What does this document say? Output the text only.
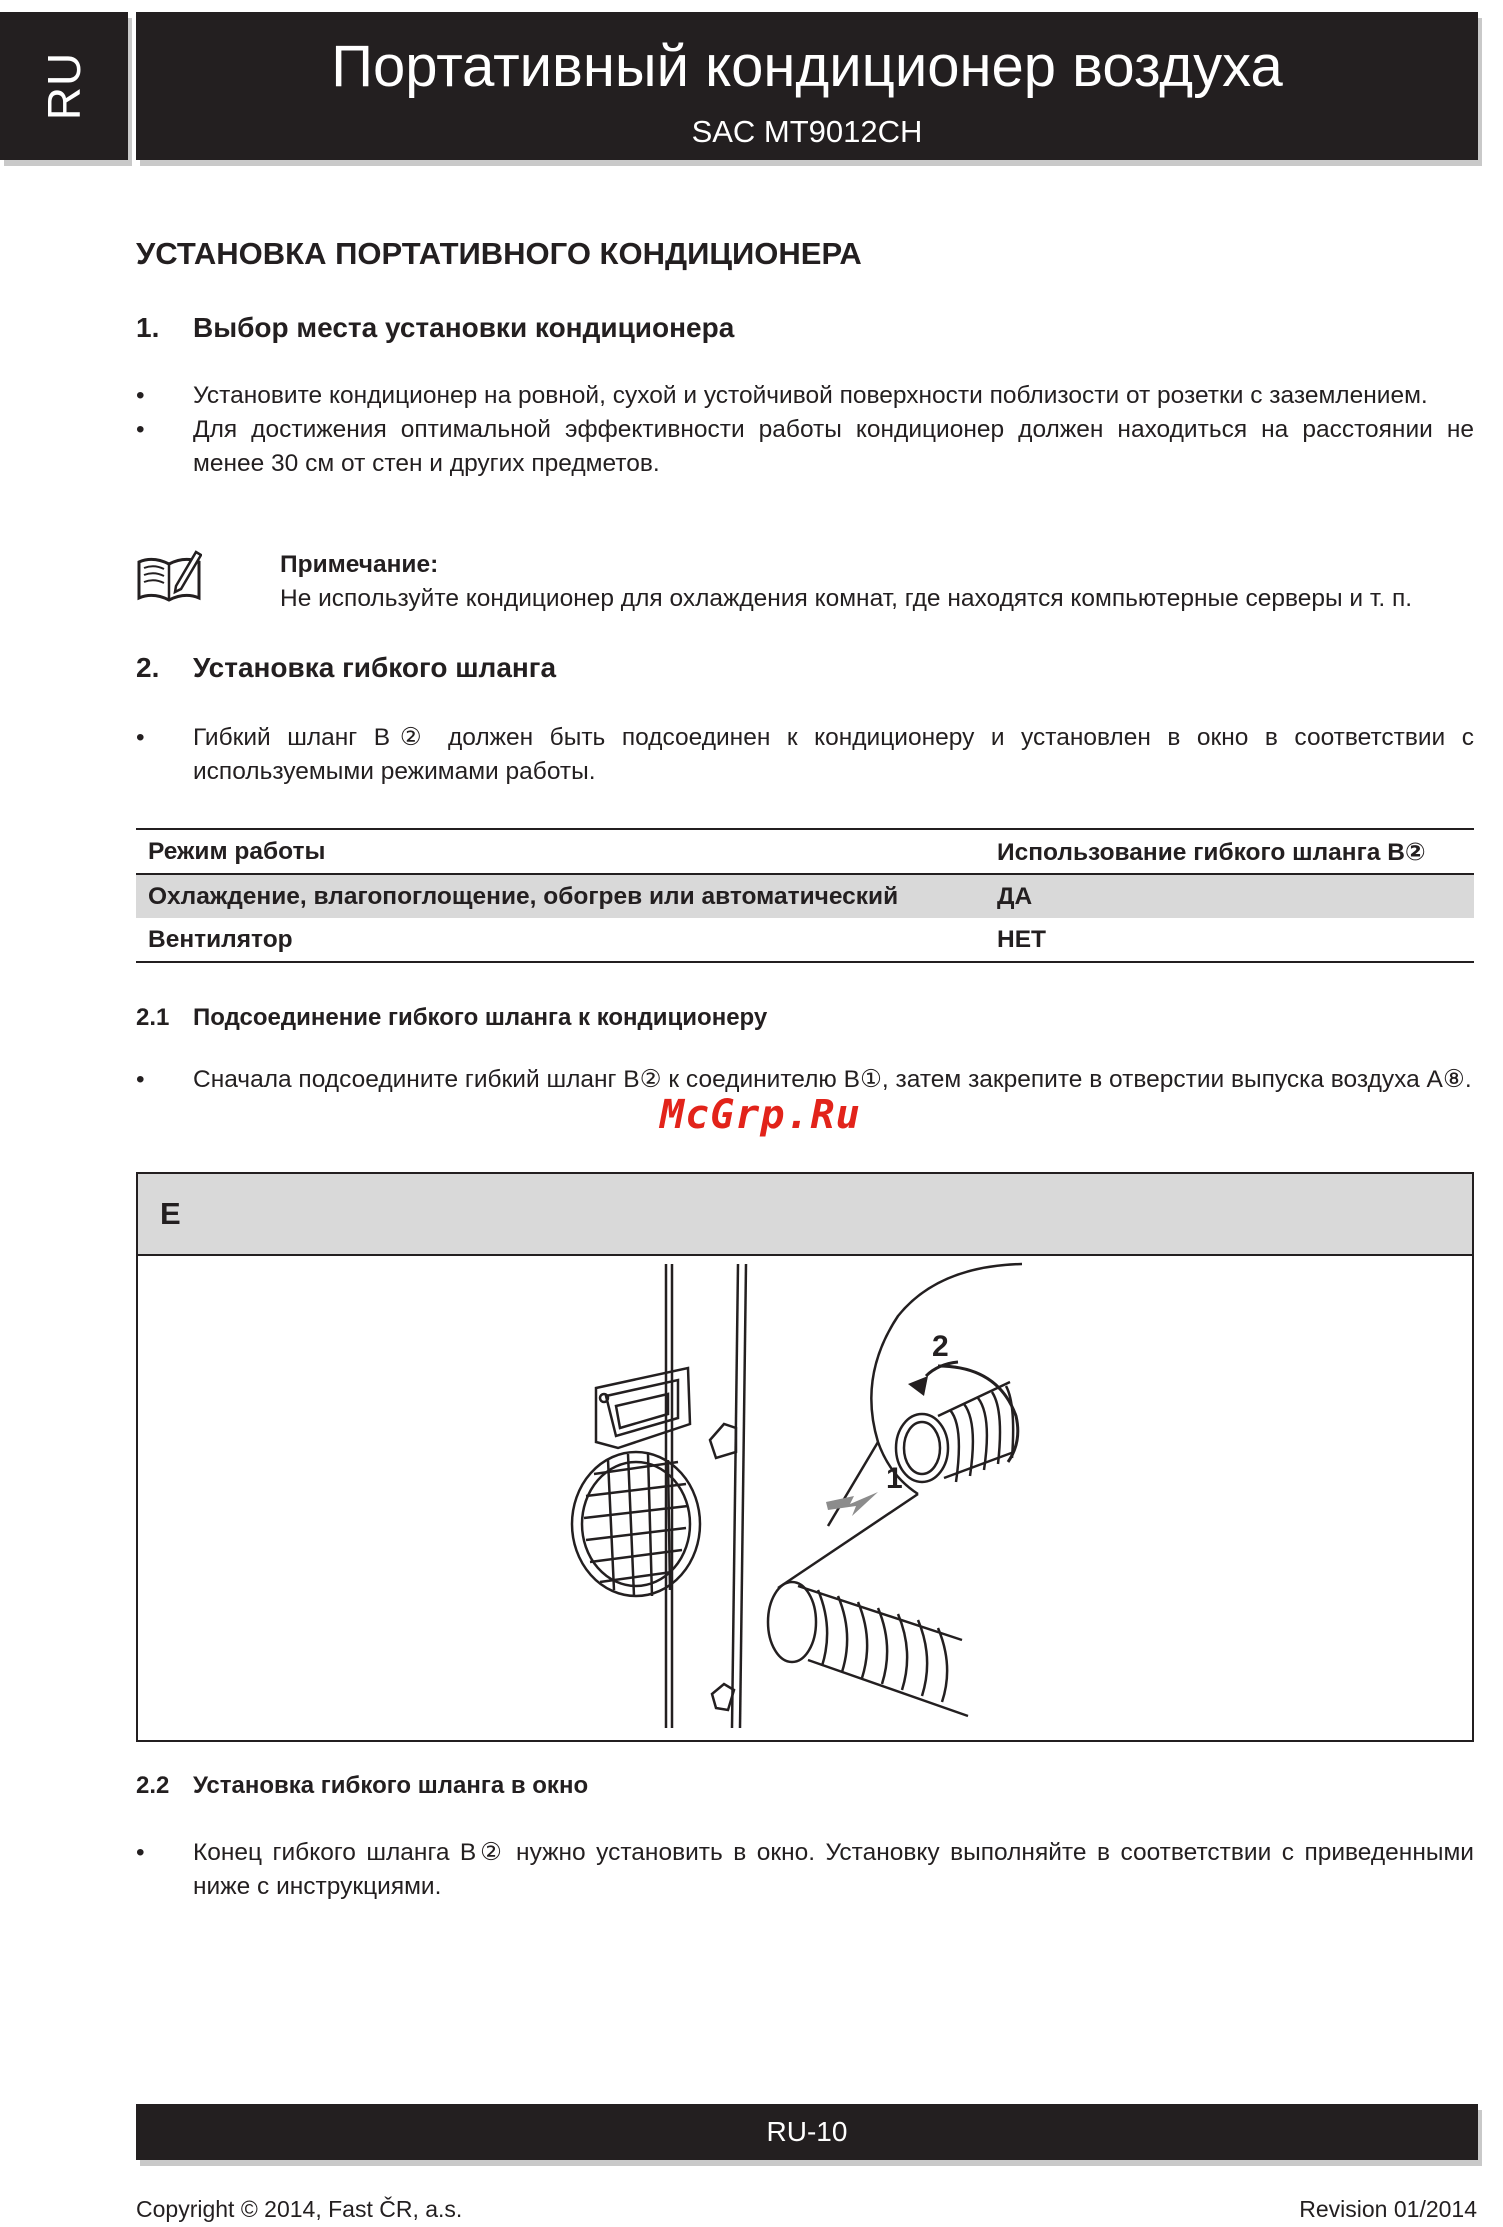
RU	Портативный кондиционер воздуха
SAC MT9012CH
УСТАНОВКА ПОРТАТИВНОГО КОНДИЦИОНЕРА
1. Выбор места установки кондиционера
• Установите кондиционер на ровной, сухой и устойчивой поверхности поблизости от розетки с заземлением.
• Для достижения оптимальной эффективности работы кондиционер должен находиться на расстоянии не менее 30 см от стен и других предметов.
Примечание:
Не используйте кондиционер для охлаждения комнат, где находятся компьютерные серверы и т. п.
2. Установка гибкого шланга
• Гибкий шланг B② должен быть подсоединен к кондиционеру и установлен в окно в соответствии с используемыми режимами работы.
Режим работы	Использование гибкого шланга B②
Охлаждение, влагопоглощение, обогрев или автоматический	ДА
Вентилятор	НЕТ
2.1 Подсоединение гибкого шланга к кондиционеру
• Сначала подсоедините гибкий шланг B② к соединителю B①, затем закрепите в отверстии выпуска воздуха A⑧.
McGrp.Ru
E
1
2
2.2 Установка гибкого шланга в окно
• Конец гибкого шланга B② нужно установить в окно. Установку выполняйте в соответствии с приведенными ниже с инструкциями.
RU-10
Copyright © 2014, Fast ČR, a.s.	Revision 01/2014
